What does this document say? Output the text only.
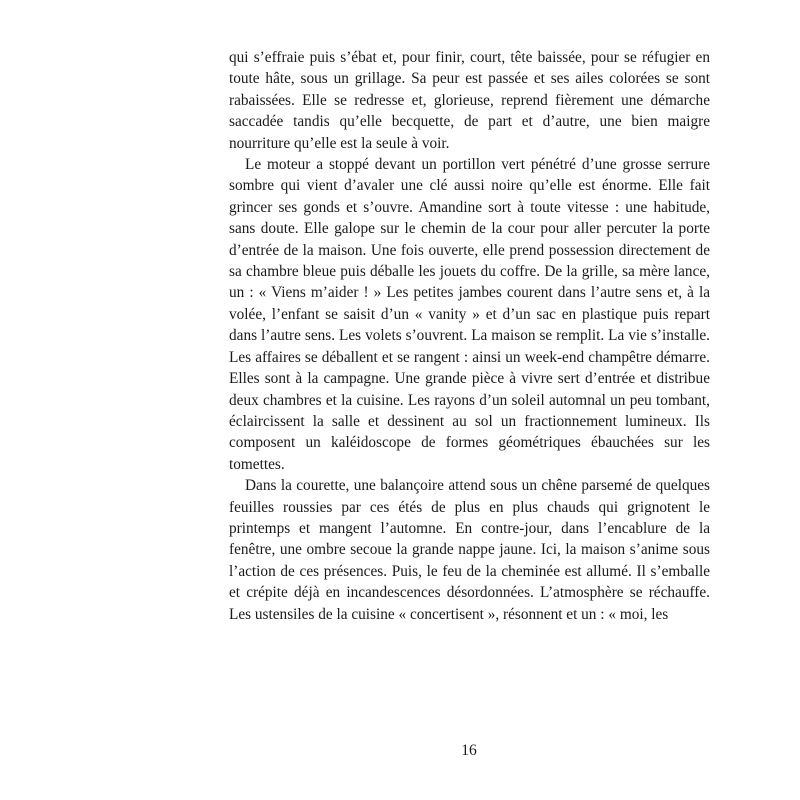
qui s’effraie puis s’ébat et, pour finir, court, tête baissée, pour se réfugier en toute hâte, sous un grillage. Sa peur est passée et ses ailes colorées se sont rabaissées. Elle se redresse et, glorieuse, reprend fièrement une démarche saccadée tandis qu’elle becquette, de part et d’autre, une bien maigre nourriture qu’elle est la seule à voir.

Le moteur a stoppé devant un portillon vert pénétré d’une grosse serrure sombre qui vient d’avaler une clé aussi noire qu’elle est énorme. Elle fait grincer ses gonds et s’ouvre. Amandine sort à toute vitesse : une habitude, sans doute. Elle galope sur le chemin de la cour pour aller percuter la porte d’entrée de la maison. Une fois ouverte, elle prend possession directement de sa chambre bleue puis déballe les jouets du coffre. De la grille, sa mère lance, un : « Viens m’aider ! » Les petites jambes courent dans l’autre sens et, à la volée, l’enfant se saisit d’un « vanity » et d’un sac en plastique puis repart dans l’autre sens. Les volets s’ouvrent. La maison se remplit. La vie s’installe. Les affaires se déballent et se rangent : ainsi un week-end champêtre démarre. Elles sont à la campagne. Une grande pièce à vivre sert d’entrée et distribue deux chambres et la cuisine. Les rayons d’un soleil automnal un peu tombant, éclaircissent la salle et dessinent au sol un fractionnement lumineux. Ils composent un kaléidoscope de formes géométriques ébauchées sur les tomettes.

Dans la courette, une balançoire attend sous un chêne parsemé de quelques feuilles roussies par ces étés de plus en plus chauds qui grignotent le printemps et mangent l’automne. En contre-jour, dans l’encablure de la fenêtre, une ombre secoue la grande nappe jaune. Ici, la maison s’anime sous l’action de ces présences. Puis, le feu de la cheminée est allumé. Il s’emballe et crépite déjà en incandescences désordonnées. L’atmosphère se réchauffe. Les ustensiles de la cuisine « concertisent », résonnent et un : « moi, les

16
